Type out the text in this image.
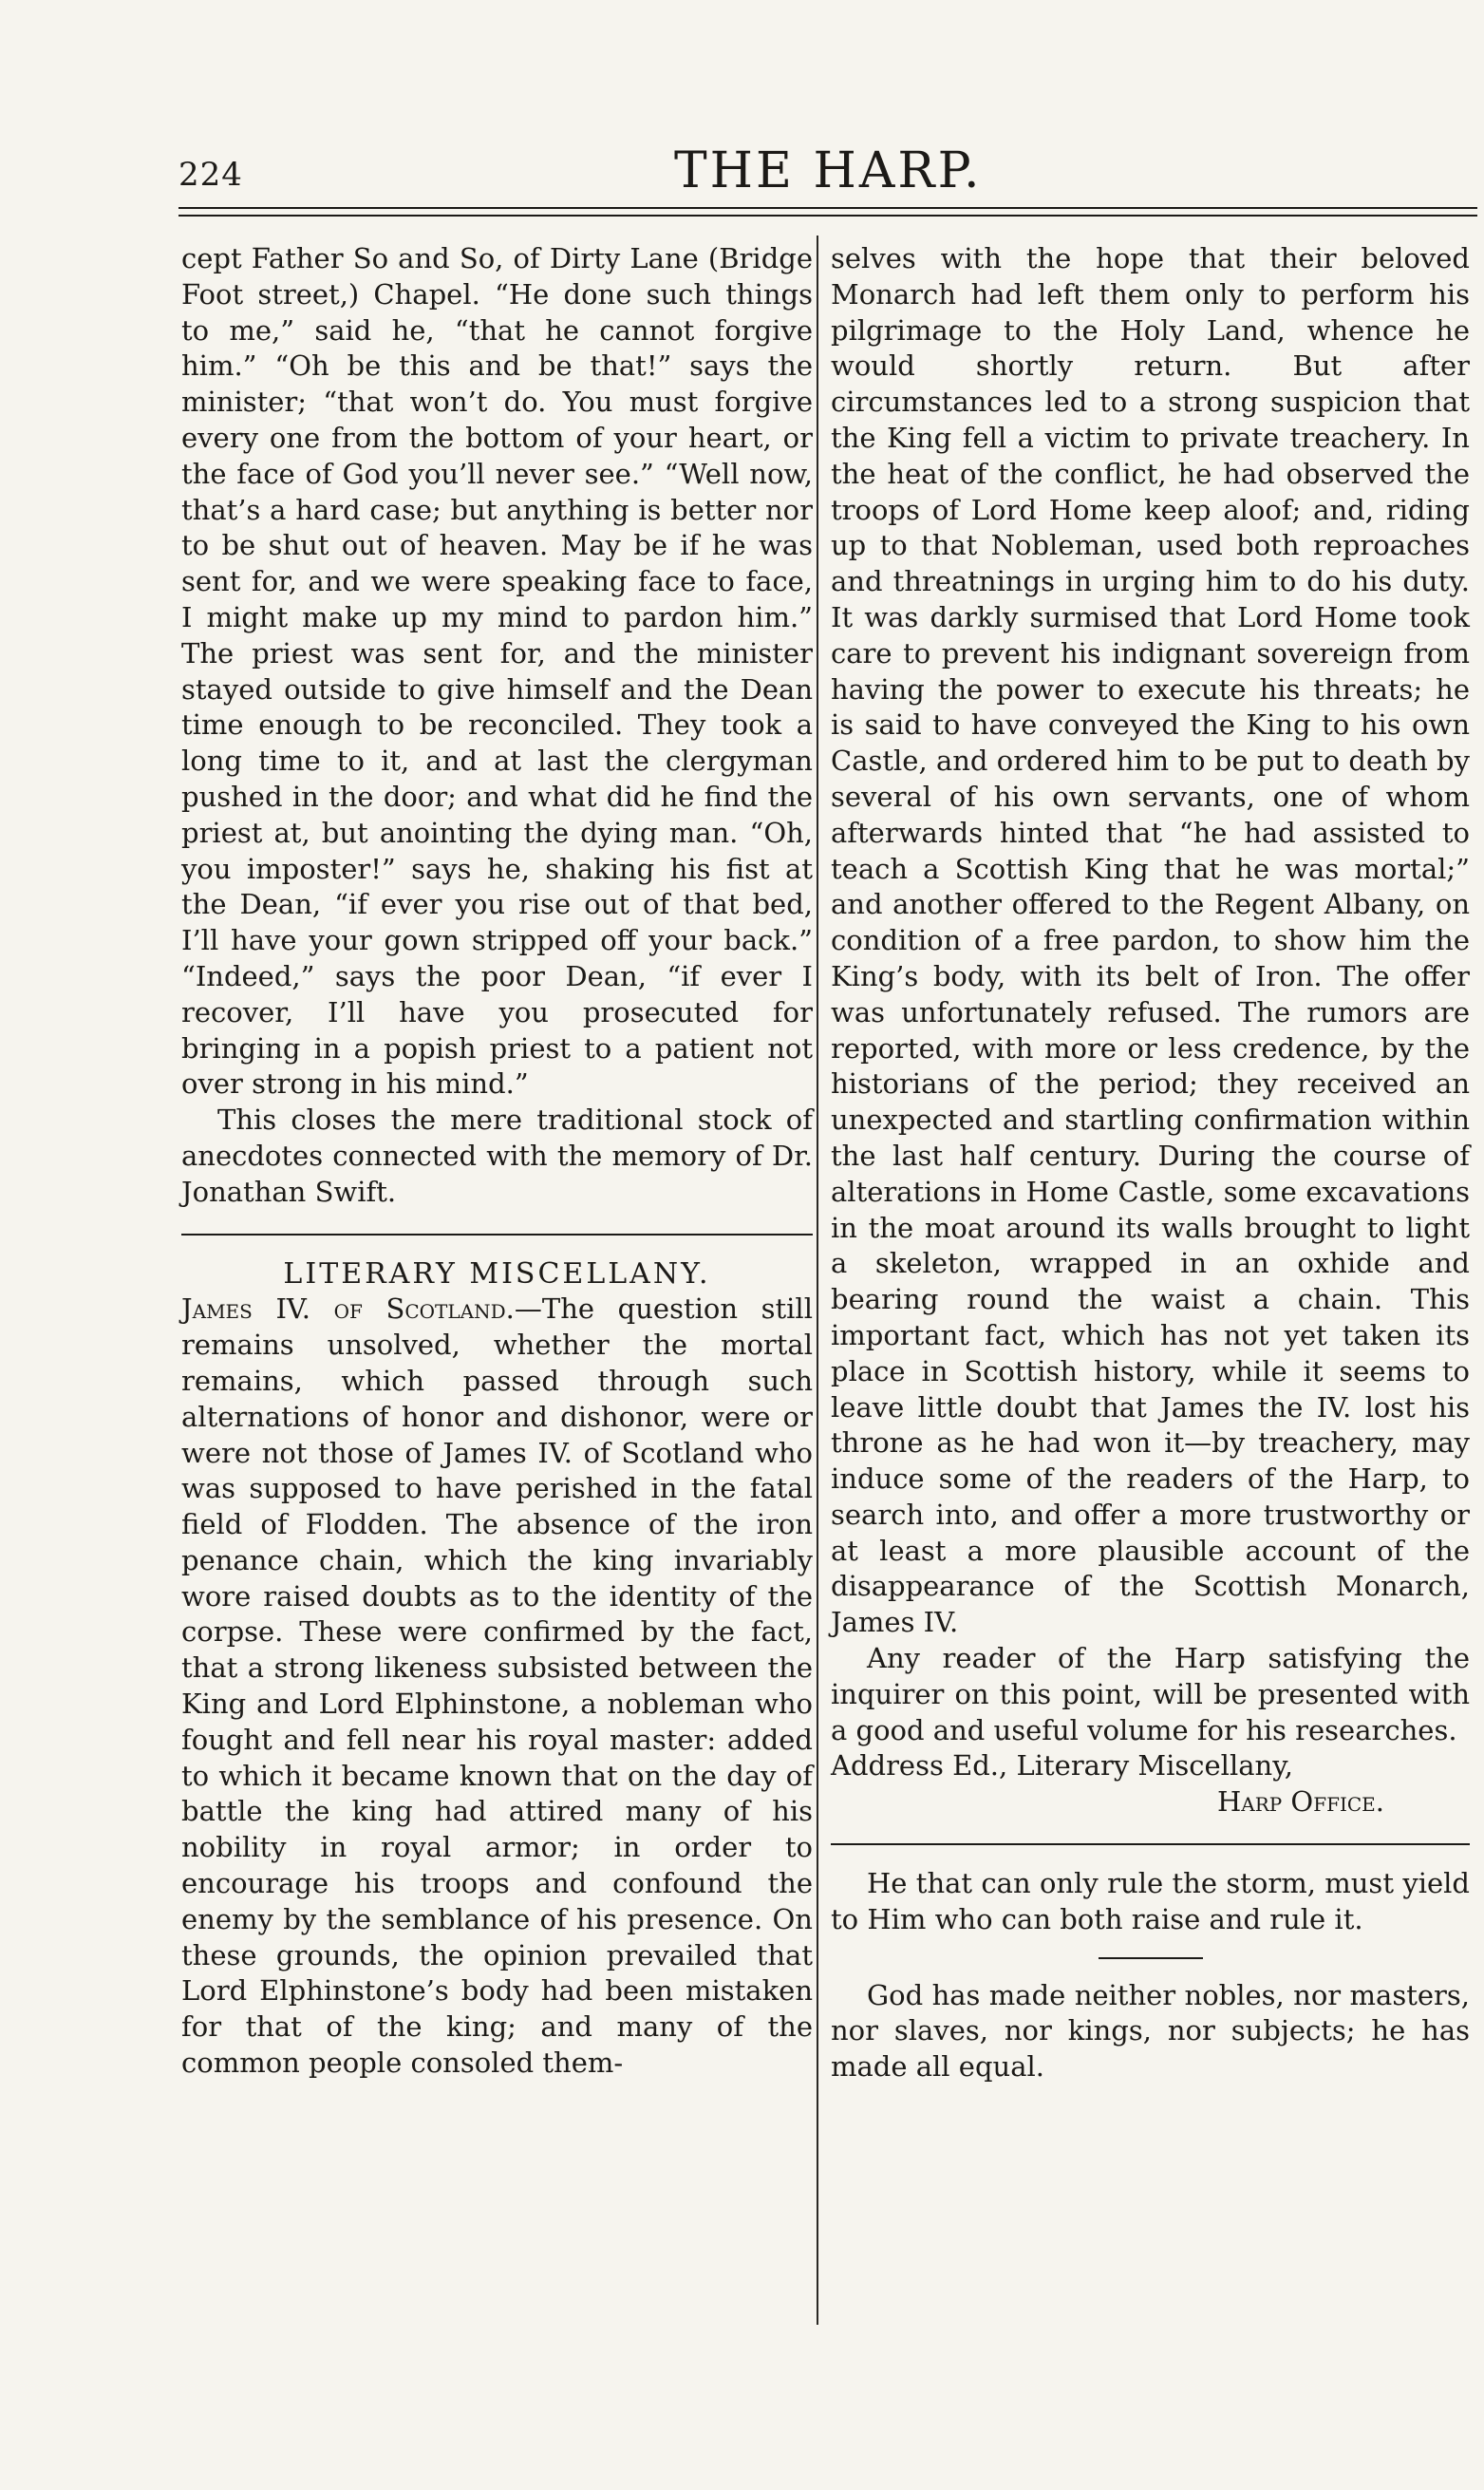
224	THE HARP.

cept Father So and So, of Dirty Lane (Bridge Foot street,) Chapel. “He done such things to me,” said he, “that he cannot forgive him.” “Oh be this and be that!” says the minister; “that won’t do. You must forgive every one from the bottom of your heart, or the face of God you’ll never see.” “Well now, that’s a hard case; but anything is better nor to be shut out of heaven. May be if he was sent for, and we were speaking face to face, I might make up my mind to pardon him.” The priest was sent for, and the minister stayed outside to give himself and the Dean time enough to be reconciled. They took a long time to it, and at last the clergyman pushed in the door; and what did he find the priest at, but anointing the dying man. “Oh, you imposter!” says he, shaking his fist at the Dean, “if ever you rise out of that bed, I’ll have your gown stripped off your back.” “Indeed,” says the poor Dean, “if ever I recover, I’ll have you prosecuted for bringing in a popish priest to a patient not over strong in his mind.”

This closes the mere traditional stock of anecdotes connected with the memory of Dr. Jonathan Swift.

LITERARY MISCELLANY.

James IV. of Scotland.—The question still remains unsolved, whether the mortal remains, which passed through such alternations of honor and dishonor, were or were not those of James IV. of Scotland who was supposed to have perished in the fatal field of Flodden. The absence of the iron penance chain, which the king invariably wore raised doubts as to the identity of the corpse. These were confirmed by the fact, that a strong likeness subsisted between the King and Lord Elphinstone, a nobleman who fought and fell near his royal master: added to which it became known that on the day of battle the king had attired many of his nobility in royal armor; in order to encourage his troops and confound the enemy by the semblance of his presence. On these grounds, the opinion prevailed that Lord Elphinstone’s body had been mistaken for that of the king; and many of the common people consoled them-

selves with the hope that their beloved Monarch had left them only to perform his pilgrimage to the Holy Land, whence he would shortly return. But after circumstances led to a strong suspicion that the King fell a victim to private treachery. In the heat of the conflict, he had observed the troops of Lord Home keep aloof; and, riding up to that Nobleman, used both reproaches and threatnings in urging him to do his duty. It was darkly surmised that Lord Home took care to prevent his indignant sovereign from having the power to execute his threats; he is said to have conveyed the King to his own Castle, and ordered him to be put to death by several of his own servants, one of whom afterwards hinted that “he had assisted to teach a Scottish King that he was mortal;” and another offered to the Regent Albany, on condition of a free pardon, to show him the King’s body, with its belt of Iron. The offer was unfortunately refused. The rumors are reported, with more or less credence, by the historians of the period; they received an unexpected and startling confirmation within the last half century. During the course of alterations in Home Castle, some excavations in the moat around its walls brought to light a skeleton, wrapped in an oxhide and bearing round the waist a chain. This important fact, which has not yet taken its place in Scottish history, while it seems to leave little doubt that James the IV. lost his throne as he had won it—by treachery, may induce some of the readers of the Harp, to search into, and offer a more trustworthy or at least a more plausible account of the disappearance of the Scottish Monarch, James IV.

Any reader of the Harp satisfying the inquirer on this point, will be presented with a good and useful volume for his researches.

Address Ed., Literary Miscellany,

Harp Office.

He that can only rule the storm, must yield to Him who can both raise and rule it.

God has made neither nobles, nor masters, nor slaves, nor kings, nor subjects; he has made all equal.
